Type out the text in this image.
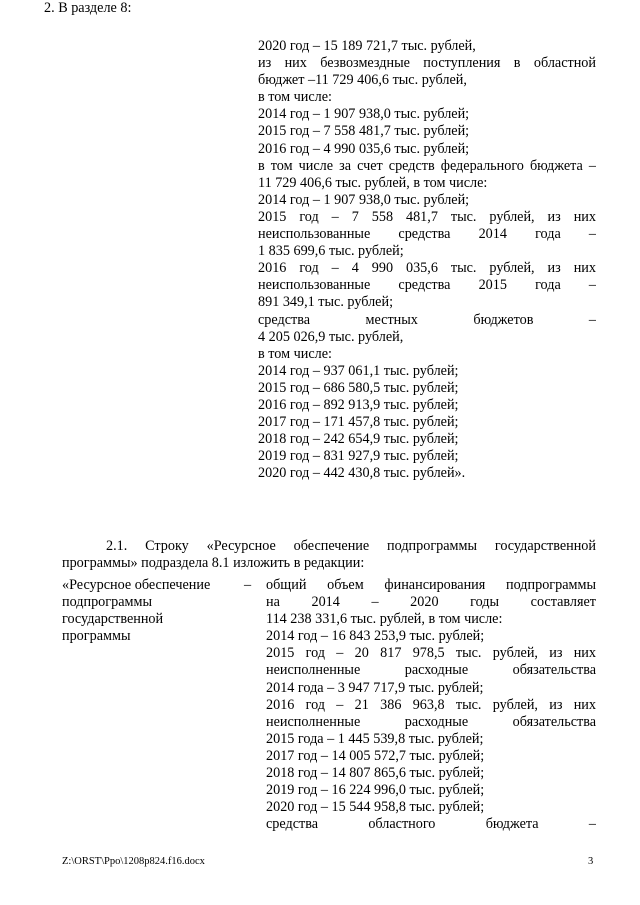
2020 год – 15 189 721,7 тыс. рублей,
из них безвозмездные поступления в областной
бюджет –11 729 406,6 тыс. рублей,
в том числе:
2014 год – 1 907 938,0 тыс. рублей;
2015 год – 7 558 481,7 тыс. рублей;
2016 год – 4 990 035,6 тыс. рублей;
в том числе за счет средств федерального бюджета –
11 729 406,6 тыс. рублей, в том числе:
2014 год – 1 907 938,0 тыс. рублей;
2015 год – 7 558 481,7 тыс. рублей, из них
неиспользованные средства 2014 года –
1 835 699,6 тыс. рублей;
2016 год – 4 990 035,6 тыс. рублей, из них
неиспользованные средства 2015 года –
891 349,1 тыс. рублей;
средства местных бюджетов –
4 205 026,9 тыс. рублей,
в том числе:
2014 год – 937 061,1 тыс. рублей;
2015 год – 686 580,5 тыс. рублей;
2016 год – 892 913,9 тыс. рублей;
2017 год – 171 457,8 тыс. рублей;
2018 год – 242 654,9 тыс. рублей;
2019 год – 831 927,9 тыс. рублей;
2020 год – 442 430,8 тыс. рублей».
2. В разделе 8:
2.1. Строку «Ресурсное обеспечение подпрограммы государственной
программы» подраздела 8.1 изложить в редакции:
«Ресурсное обеспечение
подпрограммы
государственной
программы
– общий объем финансирования подпрограммы
на 2014 – 2020 годы составляет
114 238 331,6 тыс. рублей, в том числе:
2014 год – 16 843 253,9 тыс. рублей;
2015 год – 20 817 978,5 тыс. рублей, из них
неисполненные расходные обязательства
2014 года – 3 947 717,9 тыс. рублей;
2016 год – 21 386 963,8 тыс. рублей, из них
неисполненные расходные обязательства
2015 года – 1 445 539,8 тыс. рублей;
2017 год – 14 005 572,7 тыс. рублей;
2018 год – 14 807 865,6 тыс. рублей;
2019 год – 16 224 996,0 тыс. рублей;
2020 год – 15 544 958,8 тыс. рублей;
средства областного бюджета –
Z:\ORST\Ppo\1208p824.f16.docx	3
